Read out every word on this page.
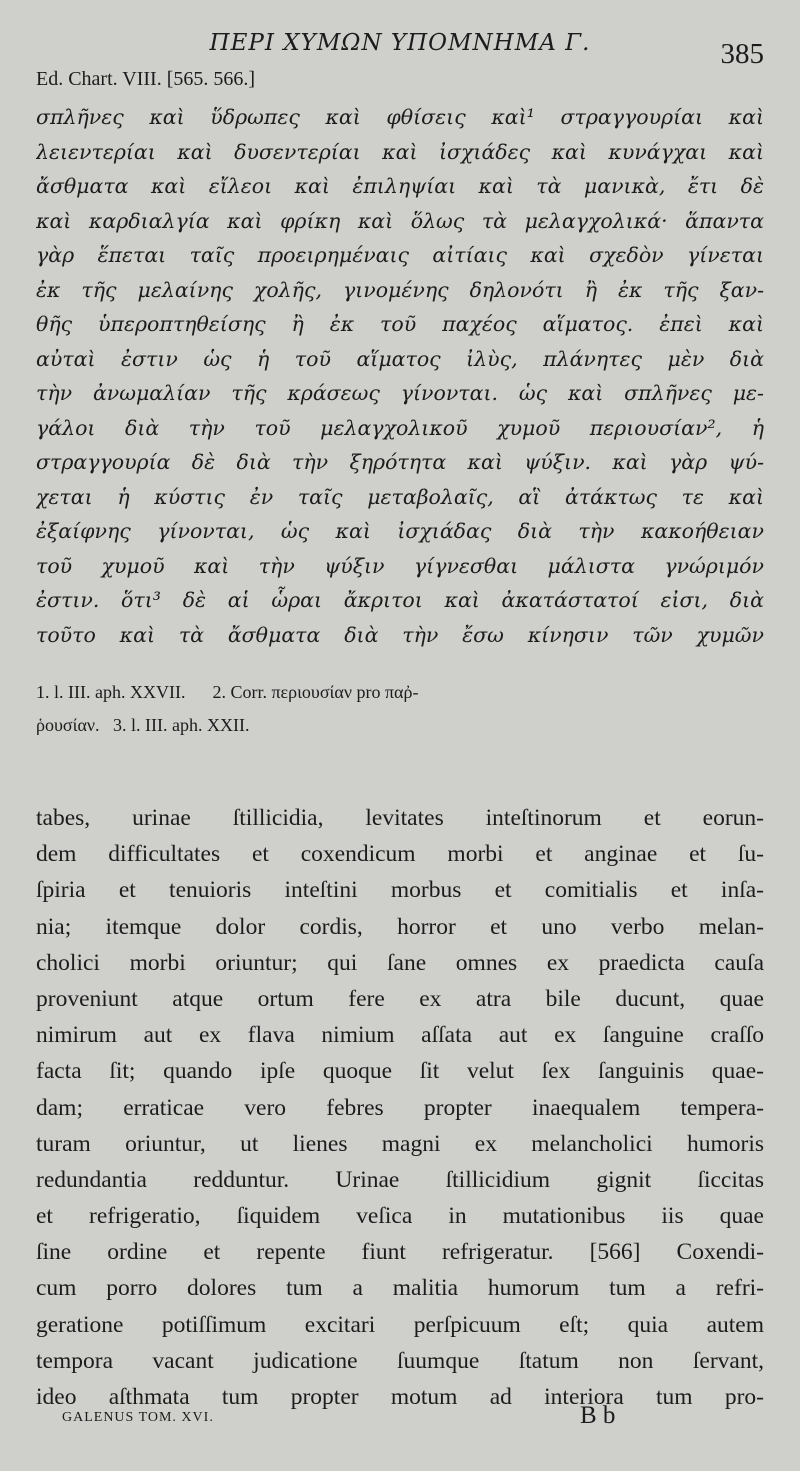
ΠΕΡΙ ΧΥΜΩΝ ΥΠΟΜΝΗΜΑ Γ.	385
Ed. Chart. VIII. [565. 566.]
σπλῆνες καὶ ὕδρωπες καὶ φθίσεις καὶ¹ στραγγουρίαι καὶ
λειεντερίαι καὶ δυσεντερίαι καὶ ἰσχιάδες καὶ κυνάγχαι καὶ
ἄσθματα καὶ εἴλεοι καὶ ἐπιληψίαι καὶ τὰ μανικὰ, ἔτι δὲ
καὶ καρδιαλγία καὶ φρίκη καὶ ὅλως τὰ μελαγχολικά· ἅπαντα
γὰρ ἕπεται ταῖς προειρημέναις αἰτίαις καὶ σχεδὸν γίνεται
ἐκ τῆς μελαίνης χολῆς, γινομένης δηλονότι ἢ ἐκ τῆς ξαν-
θῆς ὑπεροπτηθείσης ἢ ἐκ τοῦ παχέος αἵματος. ἐπεὶ καὶ
αὐταὶ ἐστιν ὡς ἡ τοῦ αἵματος ἰλὺς, πλάνητες μὲν διὰ
τὴν ἀνωμαλίαν τῆς κράσεως γίνονται. ὡς καὶ σπλῆνες με-
γάλοι διὰ τὴν τοῦ μελαγχολικοῦ χυμοῦ περιουσίαν², ἡ
στραγγουρία δὲ διὰ τὴν ξηρότητα καὶ ψύξιν. καὶ γὰρ ψύ-
χεται ἡ κύστις ἐν ταῖς μεταβολαῖς, αἳ ἀτάκτως τε καὶ
ἐξαίφνης γίνονται, ὡς καὶ ἰσχιάδας διὰ τὴν κακοήθειαν
τοῦ χυμοῦ καὶ τὴν ψύξιν γίγνεσθαι μάλιστα γνώριμόν
ἐστιν. ὅτι³ δὲ αἱ ὧραι ἄκριτοι καὶ ἀκατάστατοί εἰσι, διὰ
τοῦτο καὶ τὰ ἄσθματα διὰ τὴν ἔσω κίνησιν τῶν χυμῶν
1. l. III. aph. XXVII.      2. Corr. περιουσίαν pro παῤ-
ῥουσίαν.   3. l. III. aph. XXII.
tabes, urinae ſtillicidia, levitates inteſtinorum et eorun-
dem difficultates et coxendicum morbi et anginae et ſu-
ſpiria et tenuioris inteſtini morbus et comitialis et inſa-
nia; itemque dolor cordis, horror et uno verbo melan-
cholici morbi oriuntur; qui ſane omnes ex praedicta cauſa
proveniunt atque ortum fere ex atra bile ducunt, quae
nimirum aut ex flava nimium aſſata aut ex ſanguine craſſo
facta ſit; quando ipſe quoque ſit velut ſex ſanguinis quae-
dam; erraticae vero febres propter inaequalem tempera-
turam oriuntur, ut lienes magni ex melancholici humoris
redundantia redduntur. Urinae ſtillicidium gignit ſiccitas
et refrigeratio, ſiquidem veſica in mutationibus iis quae
ſine ordine et repente fiunt refrigeratur. [566] Coxendi-
cum porro dolores tum a malitia humorum tum a refri-
geratione potiſſimum excitari perſpicuum eſt; quia autem
tempora vacant judicatione ſuumque ſtatum non ſervant,
ideo aſthmata tum propter motum ad interiora tum pro-
GALENUS TOM. XVI.	B b
